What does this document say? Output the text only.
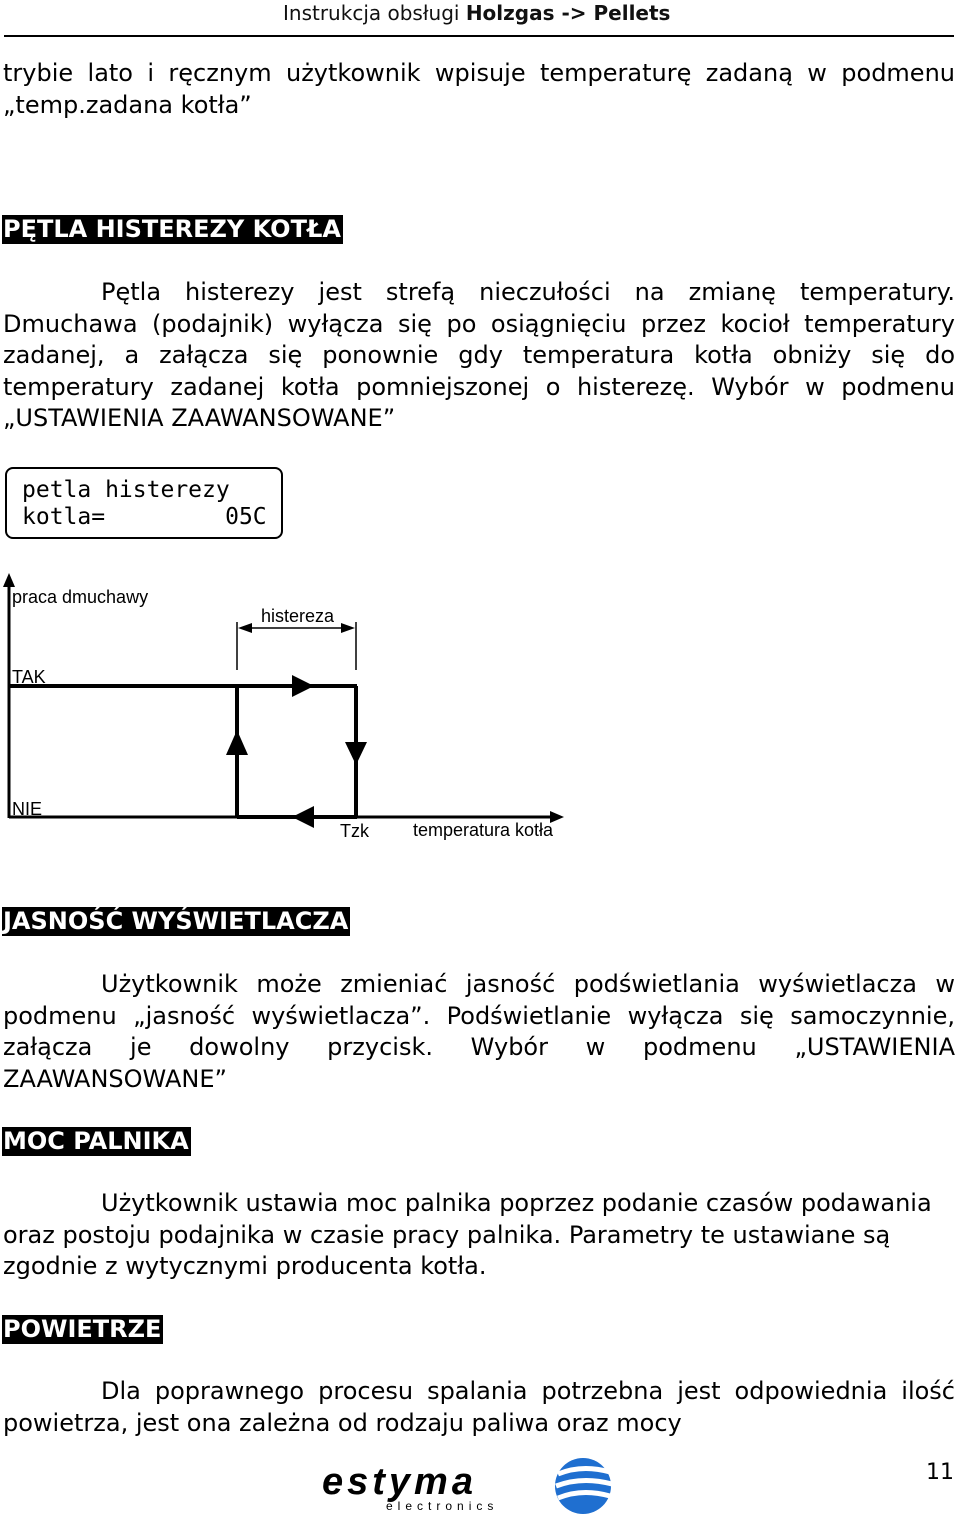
Instrukcja obsługi Holzgas -> Pellets
trybie lato i ręcznym użytkownik wpisuje temperaturę zadaną w podmenu „temp.zadana kotła”
PĘTLA HISTEREZY KOTŁA
Pętla histerezy jest strefą nieczułości na zmianę temperatury. Dmuchawa (podajnik) wyłącza się po osiągnięciu przez kocioł temperatury zadanej, a załącza się ponownie gdy temperatura kotła obniży się do temperatury zadanej kotła pomniejszonej o histerezę. Wybór w podmenu „USTAWIENIA ZAAWANSOWANE”
petla histerezy
kotla=	05C
praca dmuchawy
histereza
TAK
NIE
Tzk temperatura kotła
JASNOŚĆ WYŚWIETLACZA
Użytkownik może zmieniać jasność podświetlania wyświetlacza w podmenu „jasność wyświetlacza”. Podświetlanie wyłącza się samoczynnie, załącza je dowolny przycisk. Wybór w podmenu „USTAWIENIA ZAAWANSOWANE”
MOC PALNIKA
Użytkownik ustawia moc palnika poprzez podanie czasów podawania oraz postoju podajnika w czasie pracy palnika. Parametry te ustawiane są zgodnie z wytycznymi producenta kotła.
POWIETRZE
Dla poprawnego procesu spalania potrzebna jest odpowiednia ilość powietrza, jest ona zależna od rodzaju paliwa oraz mocy
estyma
electronics
11
